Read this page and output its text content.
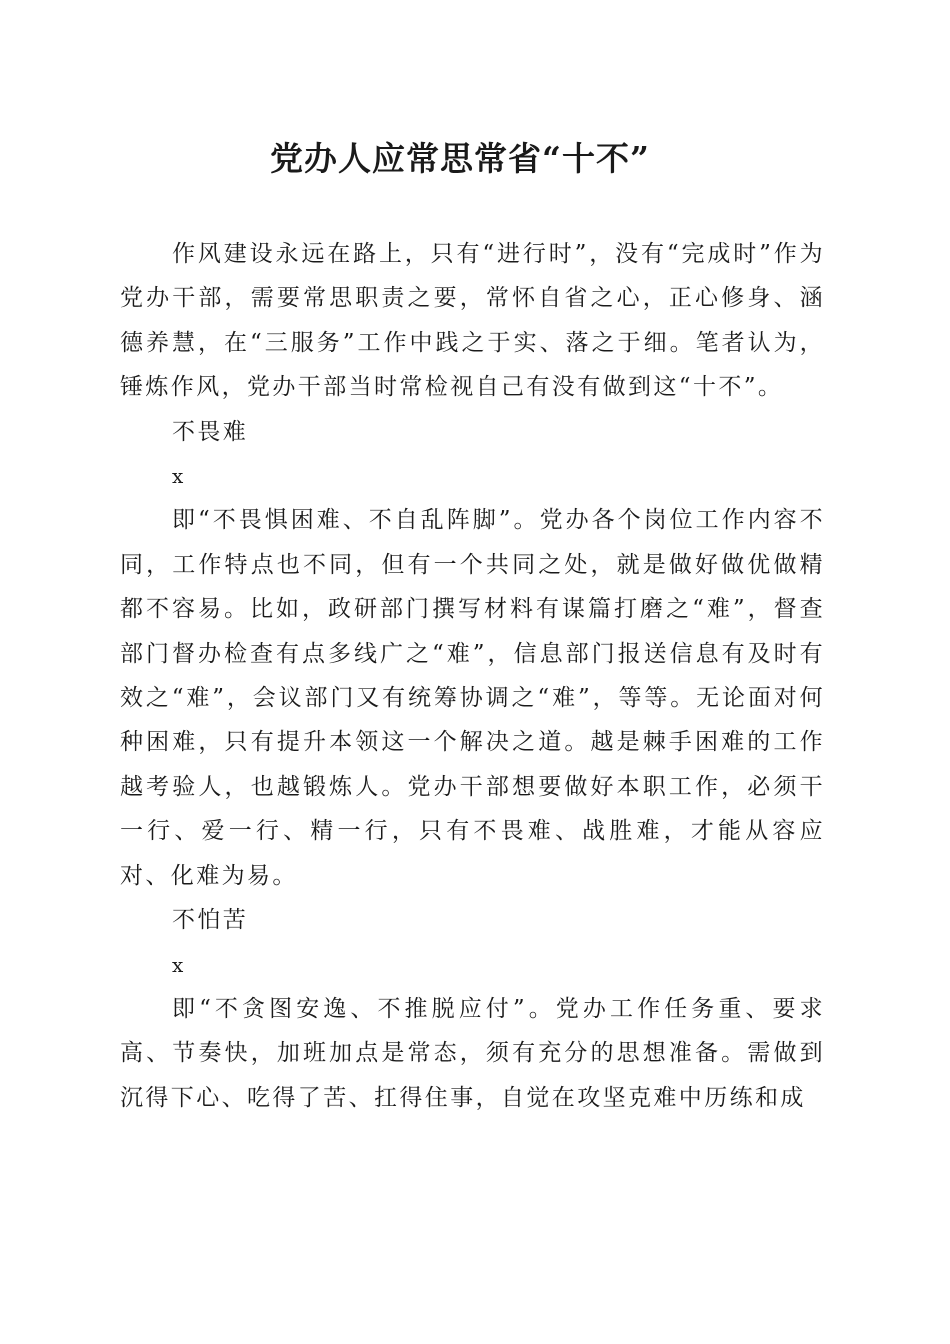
党办人应常思常省“十不”

作风建设永远在路上，只有“进行时”，没有“完成时”作为党办干部，需要常思职责之要，常怀自省之心，正心修身、涵德养慧，在“三服务”工作中践之于实、落之于细。笔者认为，锤炼作风，党办干部当时常检视自己有没有做到这“十不”。

不畏难

x

即“不畏惧困难、不自乱阵脚”。党办各个岗位工作内容不同，工作特点也不同，但有一个共同之处，就是做好做优做精都不容易。比如，政研部门撰写材料有谋篇打磨之“难”，督查部门督办检查有点多线广之“难”，信息部门报送信息有及时有效之“难”，会议部门又有统筹协调之“难”，等等。无论面对何种困难，只有提升本领这一个解决之道。越是棘手困难的工作越考验人，也越锻炼人。党办干部想要做好本职工作，必须干一行、爱一行、精一行，只有不畏难、战胜难，才能从容应对、化难为易。

不怕苦

x

即“不贪图安逸、不推脱应付”。党办工作任务重、要求高、节奏快，加班加点是常态，须有充分的思想准备。需做到沉得下心、吃得了苦、扛得住事，自觉在攻坚克难中历练和成
